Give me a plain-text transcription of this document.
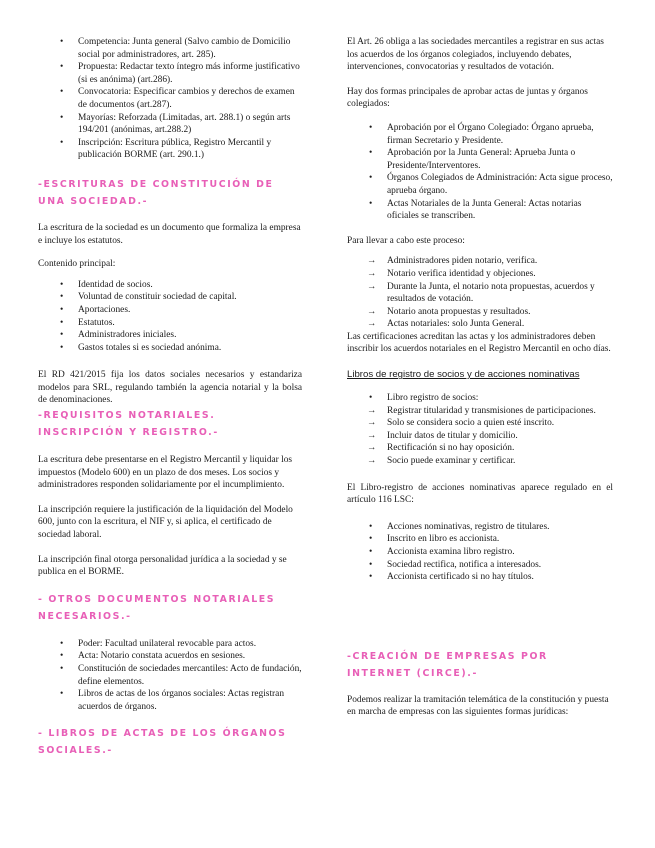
• Competencia: Junta general (Salvo cambio de Domicilio social por administradores, art. 285).
• Propuesta: Redactar texto íntegro más informe justificativo (si es anónima) (art.286).
• Convocatoria: Especificar cambios y derechos de examen de documentos (art.287).
• Mayorías: Reforzada (Limitadas, art. 288.1) o según arts 194/201 (anónimas, art.288.2)
• Inscripción: Escritura pública, Registro Mercantil y publicación BORME (art. 290.1.)
-ESCRITURAS DE CONSTITUCIÓN DE UNA SOCIEDAD.-

La escritura de la sociedad es un documento que formaliza la empresa e incluye los estatutos.

Contenido principal:

• Identidad de socios.
• Voluntad de constituir sociedad de capital.
• Aportaciones.
• Estatutos.
• Administradores iniciales.
• Gastos totales si es sociedad anónima.

El RD 421/2015 fija los datos sociales necesarios y estandariza modelos para SRL, regulando también la agencia notarial y la bolsa de denominaciones.

-REQUISITOS NOTARIALES. INSCRIPCIÓN Y REGISTRO.-

La escritura debe presentarse en el Registro Mercantil y liquidar los impuestos (Modelo 600) en un plazo de dos meses. Los socios y administradores responden solidariamente por el incumplimiento.

La inscripción requiere la justificación de la liquidación del Modelo 600, junto con la escritura, el NIF y, si aplica, el certificado de sociedad laboral.

La inscripción final otorga personalidad jurídica a la sociedad y se publica en el BORME.

- OTROS DOCUMENTOS NOTARIALES NECESARIOS.-
• Poder: Facultad unilateral revocable para actos.
• Acta: Notario constata acuerdos en sesiones.
• Constitución de sociedades mercantiles: Acto de fundación, define elementos.
• Libros de actas de los órganos sociales: Actas registran acuerdos de órganos.
- LIBROS DE ACTAS DE LOS ÓRGANOS SOCIALES.-

El Art. 26 obliga a las sociedades mercantiles a registrar en sus actas los acuerdos de los órganos colegiados, incluyendo debates, intervenciones, convocatorias y resultados de votación.

Hay dos formas principales de aprobar actas de juntas y órganos colegiados:

• Aprobación por el Órgano Colegiado: Órgano aprueba, firman Secretario y Presidente.
• Aprobación por la Junta General: Aprueba Junta o Presidente/Interventores.
• Órganos Colegiados de Administración: Acta sigue proceso, aprueba órgano.
• Actas Notariales de la Junta General: Actas notarias oficiales se transcriben.

Para llevar a cabo este proceso:

→ Administradores piden notario, verifica.
→ Notario verifica identidad y objeciones.
→ Durante la Junta, el notario nota propuestas, acuerdos y resultados de votación.
→ Notario anota propuestas y resultados.
→ Actas notariales: solo Junta General.

Las certificaciones acreditan las actas y los administradores deben inscribir los acuerdos notariales en el Registro Mercantil en ocho días.

Libros de registro de socios y de acciones nominativas
• Libro registro de socios:
→ Registrar titularidad y transmisiones de participaciones.
→ Solo se considera socio a quien esté inscrito.
→ Incluir datos de titular y domicilio.
→ Rectificación si no hay oposición.
→ Socio puede examinar y certificar.

El Libro-registro de acciones nominativas aparece regulado en el artículo 116 LSC:

• Acciones nominativas, registro de titulares.
• Inscrito en libro es accionista.
• Accionista examina libro registro.
• Sociedad rectifica, notifica a interesados.
• Accionista certificado si no hay títulos.
-CREACIÓN DE EMPRESAS POR INTERNET (CIRCE).-

Podemos realizar la tramitación telemática de la constitución y puesta en marcha de empresas con las siguientes formas jurídicas:
